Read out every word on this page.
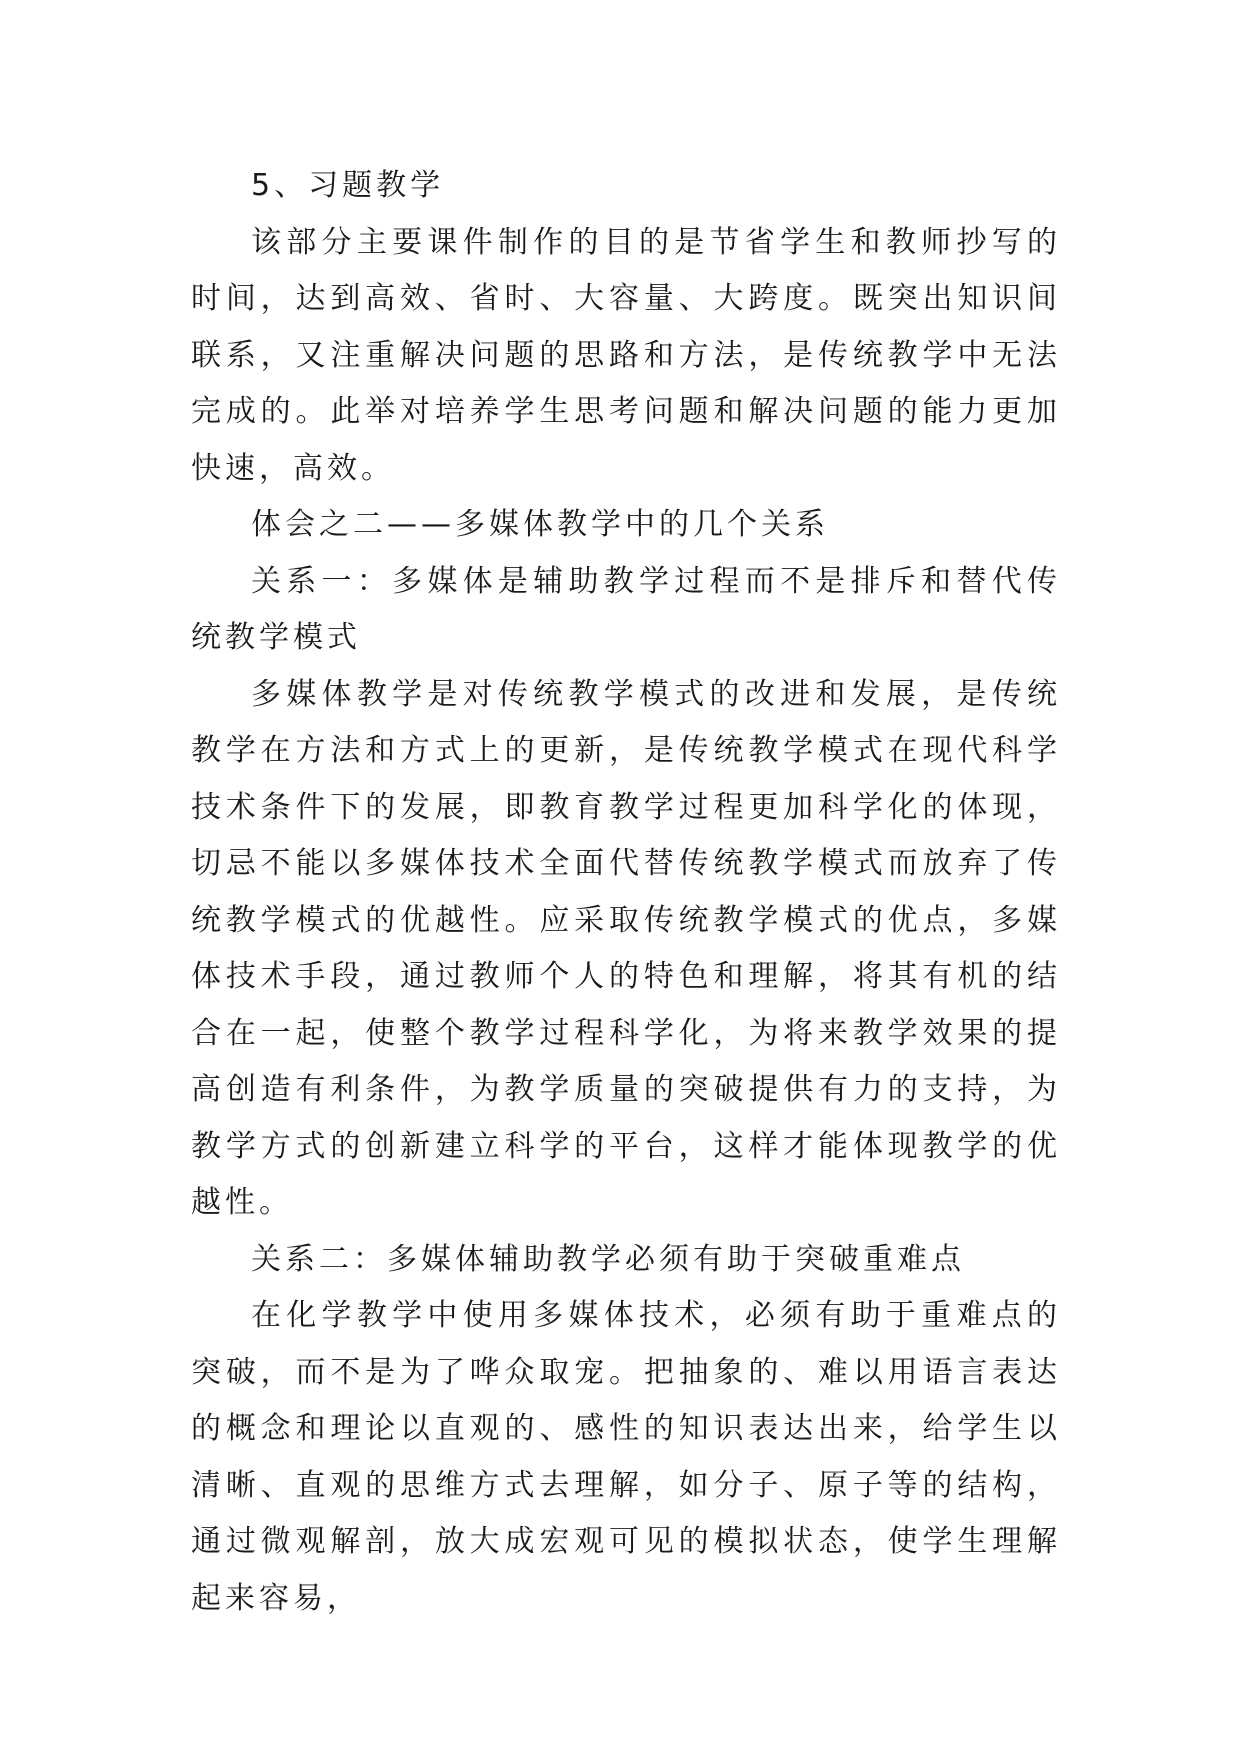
5、习题教学

该部分主要课件制作的目的是节省学生和教师抄写的时间，达到高效、省时、大容量、大跨度。既突出知识间联系，又注重解决问题的思路和方法，是传统教学中无法完成的。此举对培养学生思考问题和解决问题的能力更加快速，高效。

体会之二——多媒体教学中的几个关系

关系一：多媒体是辅助教学过程而不是排斥和替代传统教学模式

多媒体教学是对传统教学模式的改进和发展，是传统教学在方法和方式上的更新，是传统教学模式在现代科学技术条件下的发展，即教育教学过程更加科学化的体现，切忌不能以多媒体技术全面代替传统教学模式而放弃了传统教学模式的优越性。应采取传统教学模式的优点，多媒体技术手段，通过教师个人的特色和理解，将其有机的结合在一起，使整个教学过程科学化，为将来教学效果的提高创造有利条件，为教学质量的突破提供有力的支持，为教学方式的创新建立科学的平台，这样才能体现教学的优越性。

关系二：多媒体辅助教学必须有助于突破重难点

在化学教学中使用多媒体技术，必须有助于重难点的突破，而不是为了哗众取宠。把抽象的、难以用语言表达的概念和理论以直观的、感性的知识表达出来，给学生以清晰、直观的思维方式去理解，如分子、原子等的结构，通过微观解剖，放大成宏观可见的模拟状态，使学生理解起来容易，
